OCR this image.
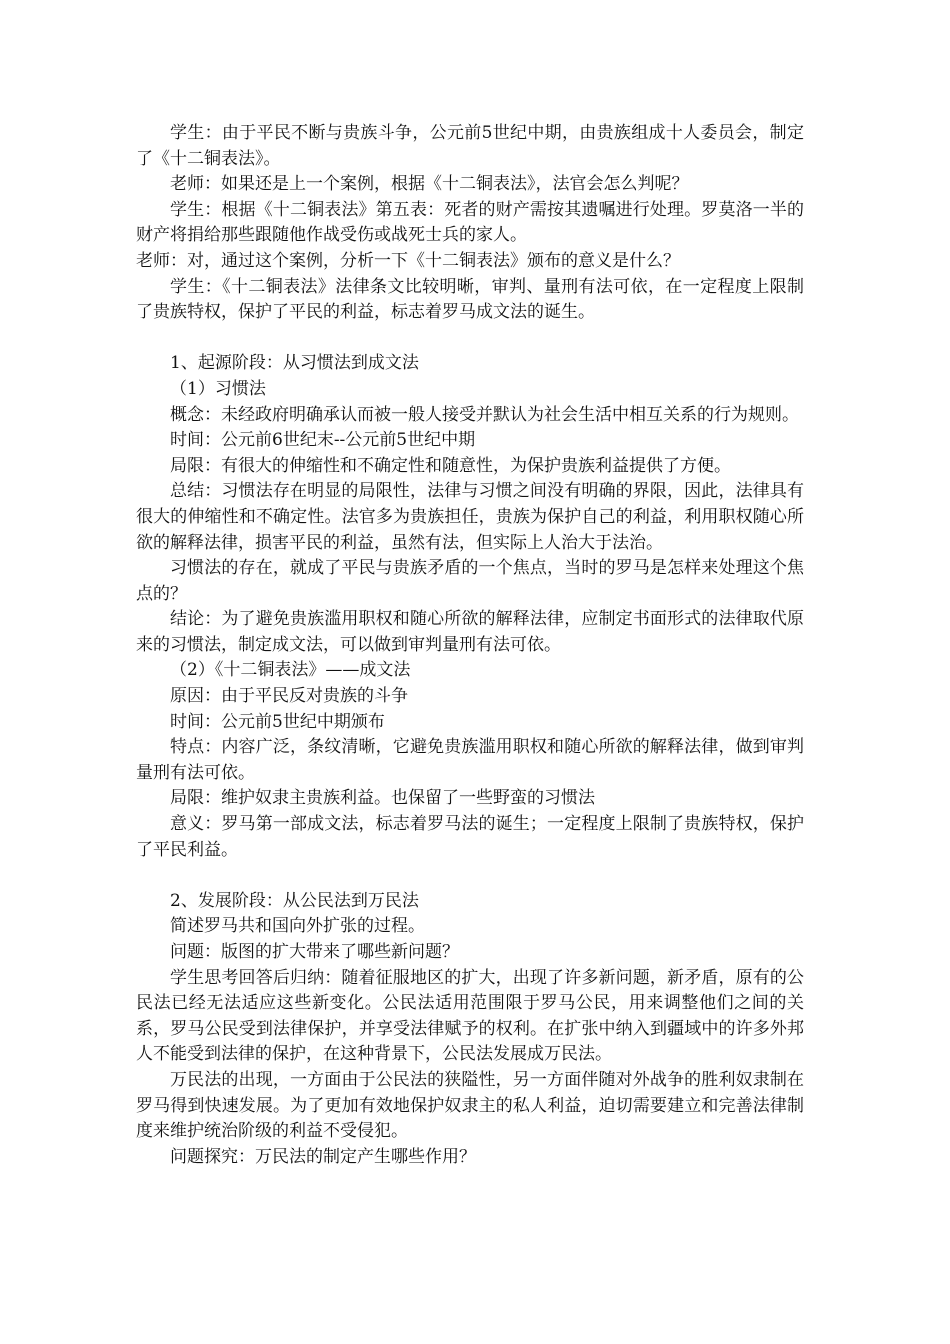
学生：由于平民不断与贵族斗争，公元前5世纪中期，由贵族组成十人委员会，制定了《十二铜表法》。

老师：如果还是上一个案例，根据《十二铜表法》，法官会怎么判呢？

学生：根据《十二铜表法》第五表：死者的财产需按其遗嘱进行处理。罗莫洛一半的财产将捐给那些跟随他作战受伤或战死士兵的家人。

老师：对，通过这个案例，分析一下《十二铜表法》颁布的意义是什么？

学生：《十二铜表法》法律条文比较明晰，审判、量刑有法可依，在一定程度上限制了贵族特权，保护了平民的利益，标志着罗马成文法的诞生。

1、起源阶段：从习惯法到成文法

（1）习惯法

概念：未经政府明确承认而被一般人接受并默认为社会生活中相互关系的行为规则。

时间：公元前6世纪末--公元前5世纪中期

局限：有很大的伸缩性和不确定性和随意性，为保护贵族利益提供了方便。

总结：习惯法存在明显的局限性，法律与习惯之间没有明确的界限，因此，法律具有很大的伸缩性和不确定性。法官多为贵族担任，贵族为保护自己的利益，利用职权随心所欲的解释法律，损害平民的利益，虽然有法，但实际上人治大于法治。

习惯法的存在，就成了平民与贵族矛盾的一个焦点，当时的罗马是怎样来处理这个焦点的？

结论：为了避免贵族滥用职权和随心所欲的解释法律，应制定书面形式的法律取代原来的习惯法，制定成文法，可以做到审判量刑有法可依。

（2）《十二铜表法》——成文法

原因：由于平民反对贵族的斗争

时间：公元前5世纪中期颁布

特点：内容广泛，条纹清晰，它避免贵族滥用职权和随心所欲的解释法律，做到审判量刑有法可依。

局限：维护奴隶主贵族利益。也保留了一些野蛮的习惯法

意义：罗马第一部成文法，标志着罗马法的诞生；一定程度上限制了贵族特权，保护了平民利益。

2、发展阶段：从公民法到万民法

简述罗马共和国向外扩张的过程。

问题：版图的扩大带来了哪些新问题？

学生思考回答后归纳：随着征服地区的扩大，出现了许多新问题，新矛盾，原有的公民法已经无法适应这些新变化。公民法适用范围限于罗马公民，用来调整他们之间的关系，罗马公民受到法律保护，并享受法律赋予的权利。在扩张中纳入到疆域中的许多外邦人不能受到法律的保护，在这种背景下，公民法发展成万民法。

万民法的出现，一方面由于公民法的狭隘性，另一方面伴随对外战争的胜利奴隶制在罗马得到快速发展。为了更加有效地保护奴隶主的私人利益，迫切需要建立和完善法律制度来维护统治阶级的利益不受侵犯。

问题探究：万民法的制定产生哪些作用？
